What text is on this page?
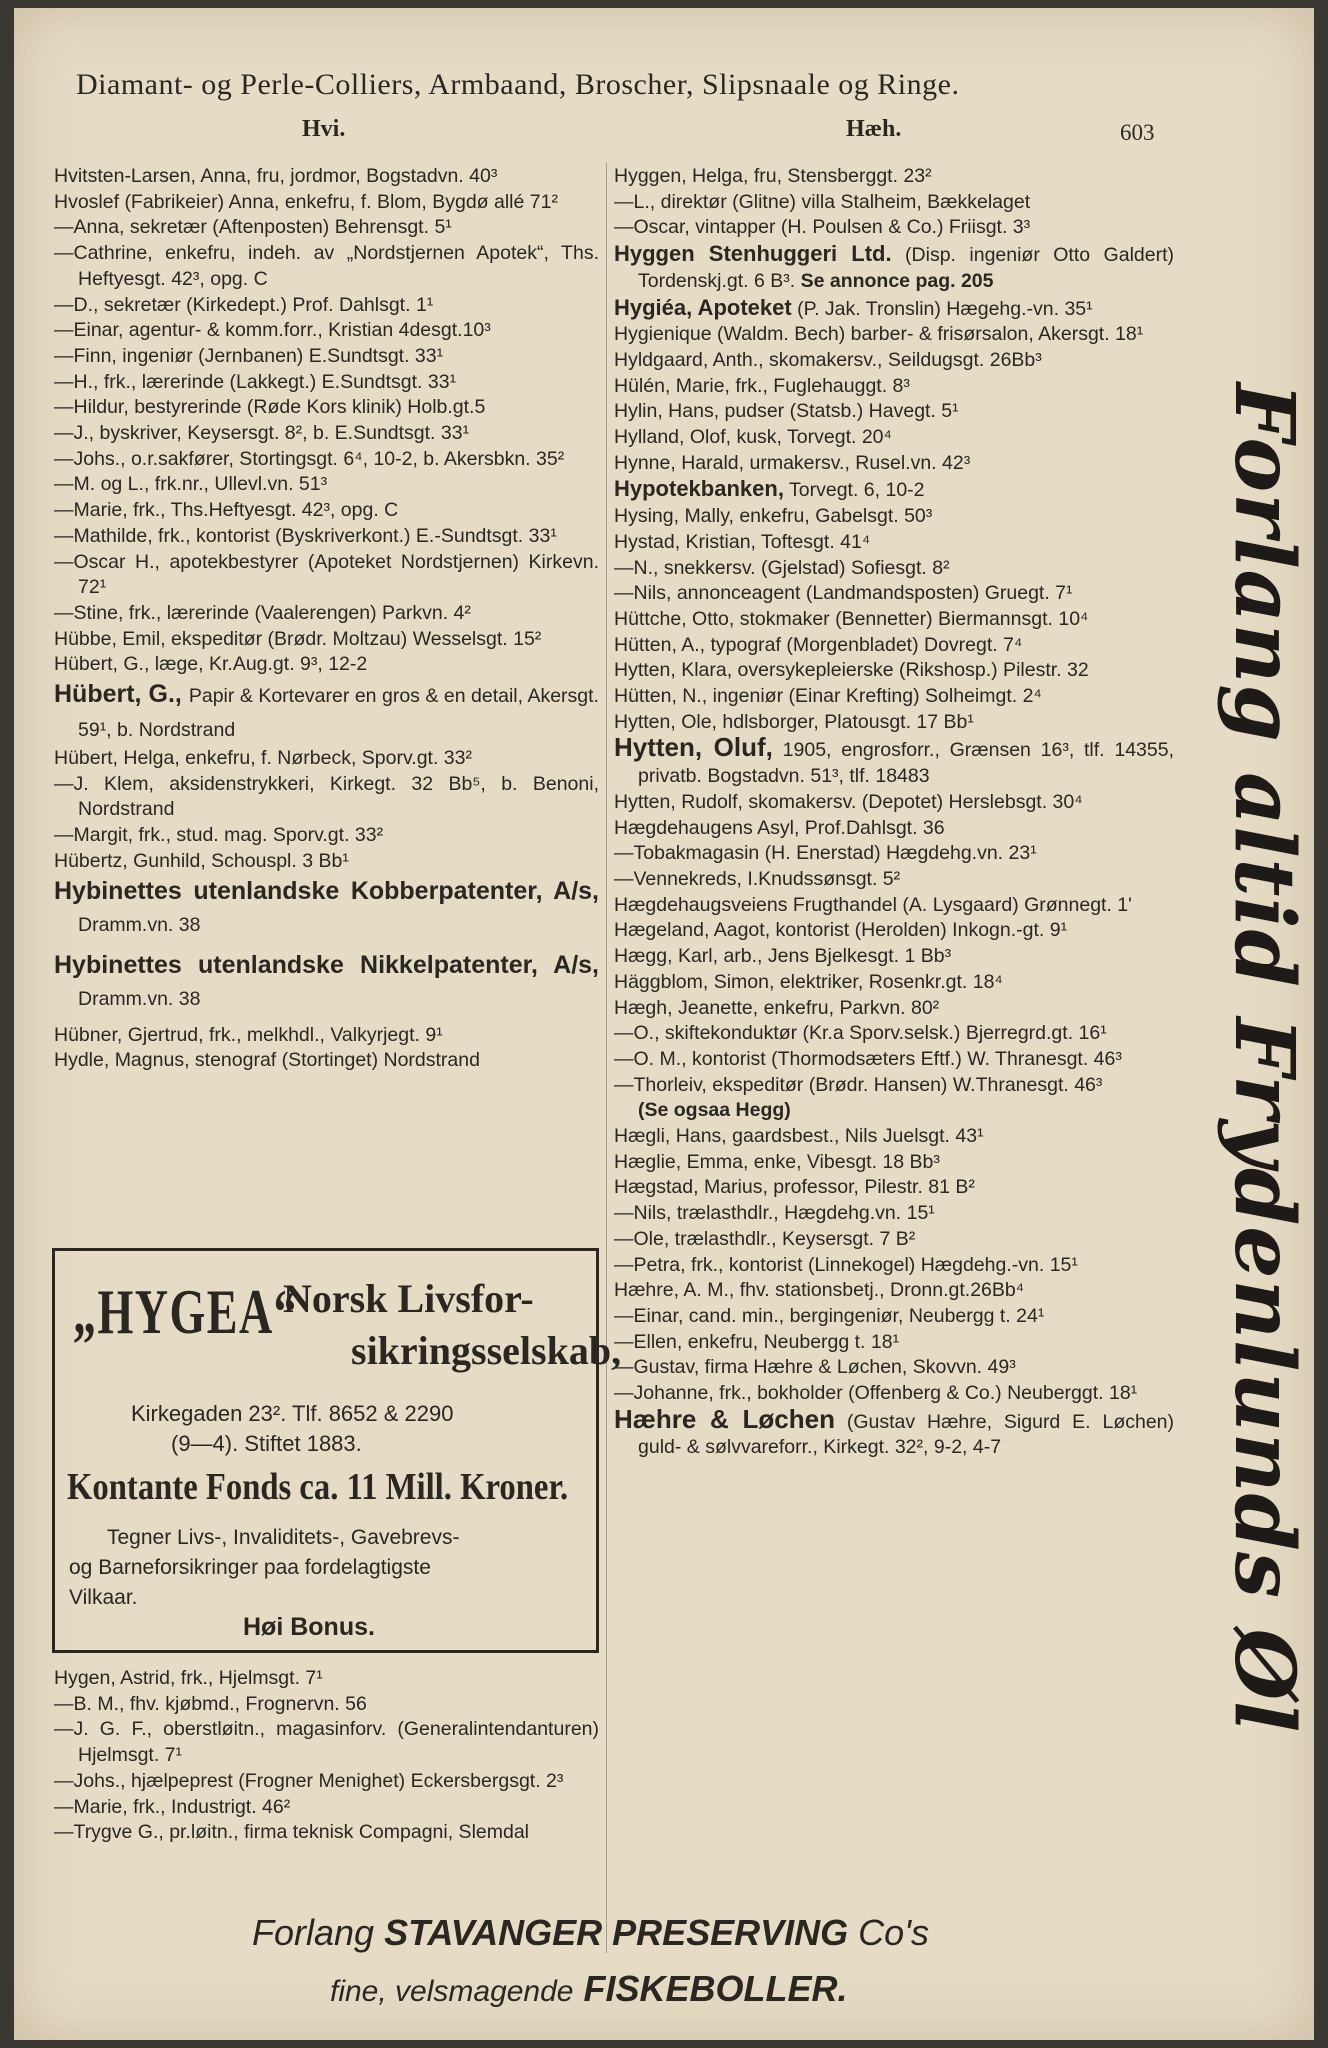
Diamant- og Perle-Colliers, Armbaand, Broscher, Slipsnaale og Ringe.
Hvi.	Hæh.	603
Hvitsten-Larsen, Anna, fru, jordmor, Bogstadvn. 40³
Hvoslef (Fabrikeier) Anna, enkefru, f. Blom, Bygdø allé 71²
—Anna, sekretær (Aftenposten) Behrensgt. 5¹
—Cathrine, enkefru, indeh. av „Nordstjernen Apotek“, Ths. Heftyesgt. 42³, opg. C
—D., sekretær (Kirkedept.) Prof. Dahlsgt. 1¹
—Einar, agentur- & komm.forr., Kristian 4desgt.10³
—Finn, ingeniør (Jernbanen) E.Sundtsgt. 33¹
—H., frk., lærerinde (Lakkegt.) E.Sundtsgt. 33¹
—Hildur, bestyrerinde (Røde Kors klinik) Holb.gt.5
—J., byskriver, Keysersgt. 8², b. E.Sundtsgt. 33¹
—Johs., o.r.sakfører, Stortingsgt. 6⁴, 10-2, b. Akersbkn. 35²
—M. og L., frk.nr., Ullevl.vn. 51³
—Marie, frk., Ths.Heftyesgt. 42³, opg. C
—Mathilde, frk., kontorist (Byskriverkont.) E.-Sundtsgt. 33¹
—Oscar H., apotekbestyrer (Apoteket Nordstjernen) Kirkevn. 72¹
—Stine, frk., lærerinde (Vaalerengen) Parkvn. 4²
Hübbe, Emil, ekspeditør (Brødr. Moltzau) Wesselsgt. 15²
Hübert, G., læge, Kr.Aug.gt. 9³, 12-2
Hübert, G., Papir & Kortevarer en gros & en detail, Akersgt. 59¹, b. Nordstrand
Hübert, Helga, enkefru, f. Nørbeck, Sporv.gt. 33²
—J. Klem, aksidenstrykkeri, Kirkegt. 32 Bb⁵, b. Benoni, Nordstrand
—Margit, frk., stud. mag. Sporv.gt. 33²
Hübertz, Gunhild, Schouspl. 3 Bb¹
Hybinettes utenlandske Kobberpatenter, A/s, Dramm.vn. 38
Hybinettes utenlandske Nikkelpatenter, A/s, Dramm.vn. 38
Hübner, Gjertrud, frk., melkhdl., Valkyrjegt. 9¹
Hydle, Magnus, stenograf (Stortinget) Nordstrand
„HYGEA“
Norsk Livsfor-
sikringsselskab,
Kirkegaden 23². Tlf. 8652 & 2290
(9—4). Stiftet 1883.
Kontante Fonds ca. 11 Mill. Kroner.
Tegner Livs-, Invaliditets-, Gavebrevs-
og Barneforsikringer paa fordelagtigste
Vilkaar.
Høi Bonus.
Hygen, Astrid, frk., Hjelmsgt. 7¹
—B. M., fhv. kjøbmd., Frognervn. 56
—J. G. F., oberstløitn., magasinforv. (Generalintendanturen) Hjelmsgt. 7¹
—Johs., hjælpeprest (Frogner Menighet) Eckersbergsgt. 2³
—Marie, frk., Industrigt. 46²
—Trygve G., pr.løitn., firma teknisk Compagni, Slemdal
Hyggen, Helga, fru, Stensberggt. 23²
—L., direktør (Glitne) villa Stalheim, Bækkelaget
—Oscar, vintapper (H. Poulsen & Co.) Friisgt. 3³
Hyggen Stenhuggeri Ltd. (Disp. ingeniør Otto Galdert) Tordenskj.gt. 6 B³. Se annonce pag. 205
Hygiéa, Apoteket (P. Jak. Tronslin) Hægehg.-vn. 35¹
Hygienique (Waldm. Bech) barber- & frisørsalon, Akersgt. 18¹
Hyldgaard, Anth., skomakersv., Seildugsgt. 26Bb³
Hülén, Marie, frk., Fuglehauggt. 8³
Hylin, Hans, pudser (Statsb.) Havegt. 5¹
Hylland, Olof, kusk, Torvegt. 20⁴
Hynne, Harald, urmakersv., Rusel.vn. 42³
Hypotekbanken, Torvegt. 6, 10-2
Hysing, Mally, enkefru, Gabelsgt. 50³
Hystad, Kristian, Toftesgt. 41⁴
—N., snekkersv. (Gjelstad) Sofiesgt. 8²
—Nils, annonceagent (Landmandsposten) Gruegt. 7¹
Hüttche, Otto, stokmaker (Bennetter) Biermannsgt. 10⁴
Hütten, A., typograf (Morgenbladet) Dovregt. 7⁴
Hytten, Klara, oversykepleierske (Rikshosp.) Pilestr. 32
Hütten, N., ingeniør (Einar Krefting) Solheimgt. 2⁴
Hytten, Ole, hdlsborger, Platousgt. 17 Bb¹
Hytten, Oluf, 1905, engrosforr., Grænsen 16³, tlf. 14355, privatb. Bogstadvn. 51³, tlf. 18483
Hytten, Rudolf, skomakersv. (Depotet) Herslebsgt. 30⁴
Hægdehaugens Asyl, Prof.Dahlsgt. 36
—Tobakmagasin (H. Enerstad) Hægdehg.vn. 23¹
—Vennekreds, I.Knudssønsgt. 5²
Hægdehaugsveiens Frugthandel (A. Lysgaard) Grønnegt. 1'
Hægeland, Aagot, kontorist (Herolden) Inkogn.-gt. 9¹
Hægg, Karl, arb., Jens Bjelkesgt. 1 Bb³
Häggblom, Simon, elektriker, Rosenkr.gt. 18⁴
Hægh, Jeanette, enkefru, Parkvn. 80²
—O., skiftekonduktør (Kr.a Sporv.selsk.) Bjerregrd.gt. 16¹
—O. M., kontorist (Thormodsæters Eftf.) W. Thranesgt. 46³
—Thorleiv, ekspeditør (Brødr. Hansen) W.Thranesgt. 46³
(Se ogsaa Hegg)
Hægli, Hans, gaardsbest., Nils Juelsgt. 43¹
Hæglie, Emma, enke, Vibesgt. 18 Bb³
Hægstad, Marius, professor, Pilestr. 81 B²
—Nils, trælasthdlr., Hægdehg.vn. 15¹
—Ole, trælasthdlr., Keysersgt. 7 B²
—Petra, frk., kontorist (Linnekogel) Hægdehg.-vn. 15¹
Hæhre, A. M., fhv. stationsbetj., Dronn.gt.26Bb⁴
—Einar, cand. min., bergingeniør, Neubergg t. 24¹
—Ellen, enkefru, Neubergg t. 18¹
—Gustav, firma Hæhre & Løchen, Skovvn. 49³
—Johanne, frk., bokholder (Offenberg & Co.) Neuberggt. 18¹
Hæhre & Løchen (Gustav Hæhre, Sigurd E. Løchen) guld- & sølvvareforr., Kirkegt. 32², 9-2, 4-7	Forlang altid Frydenlunds Øl
Forlang STAVANGER PRESERVING Co's
fine, velsmagende FISKEBOLLER.
